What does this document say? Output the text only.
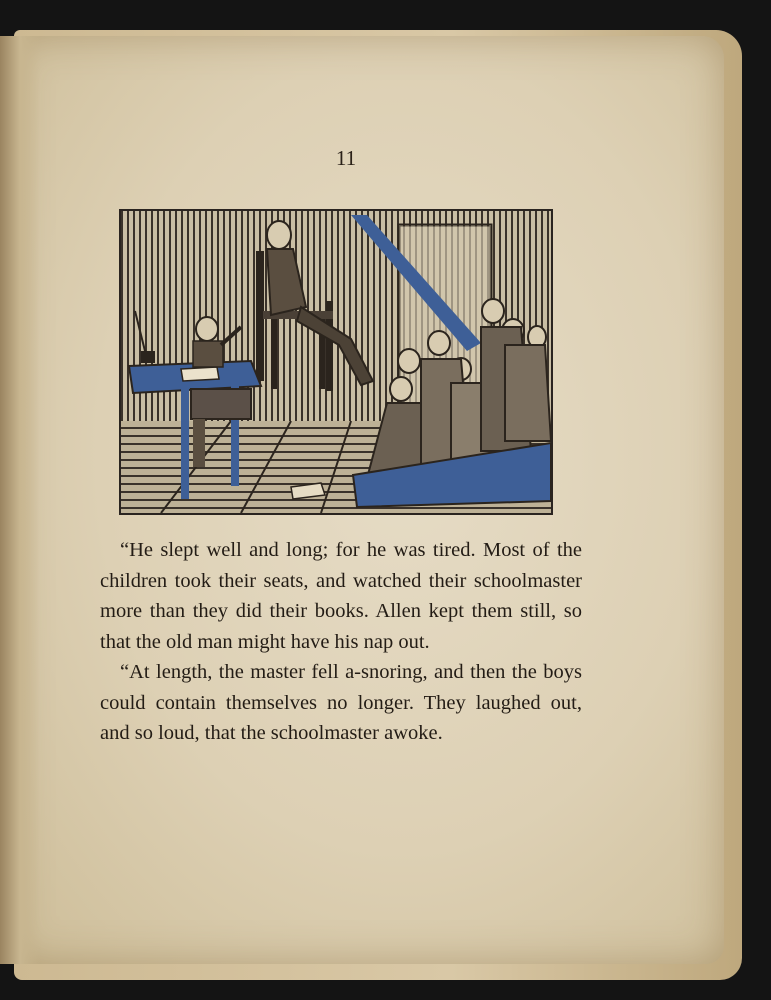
11

“He slept well and long; for he was tired. Most of the children took their seats, and watched their schoolmaster more than they did their books. Allen kept them still, so that the old man might have his nap out.

“At length, the master fell a-snoring, and then the boys could contain themselves no longer. They laughed out, and so loud, that the schoolmaster awoke.
